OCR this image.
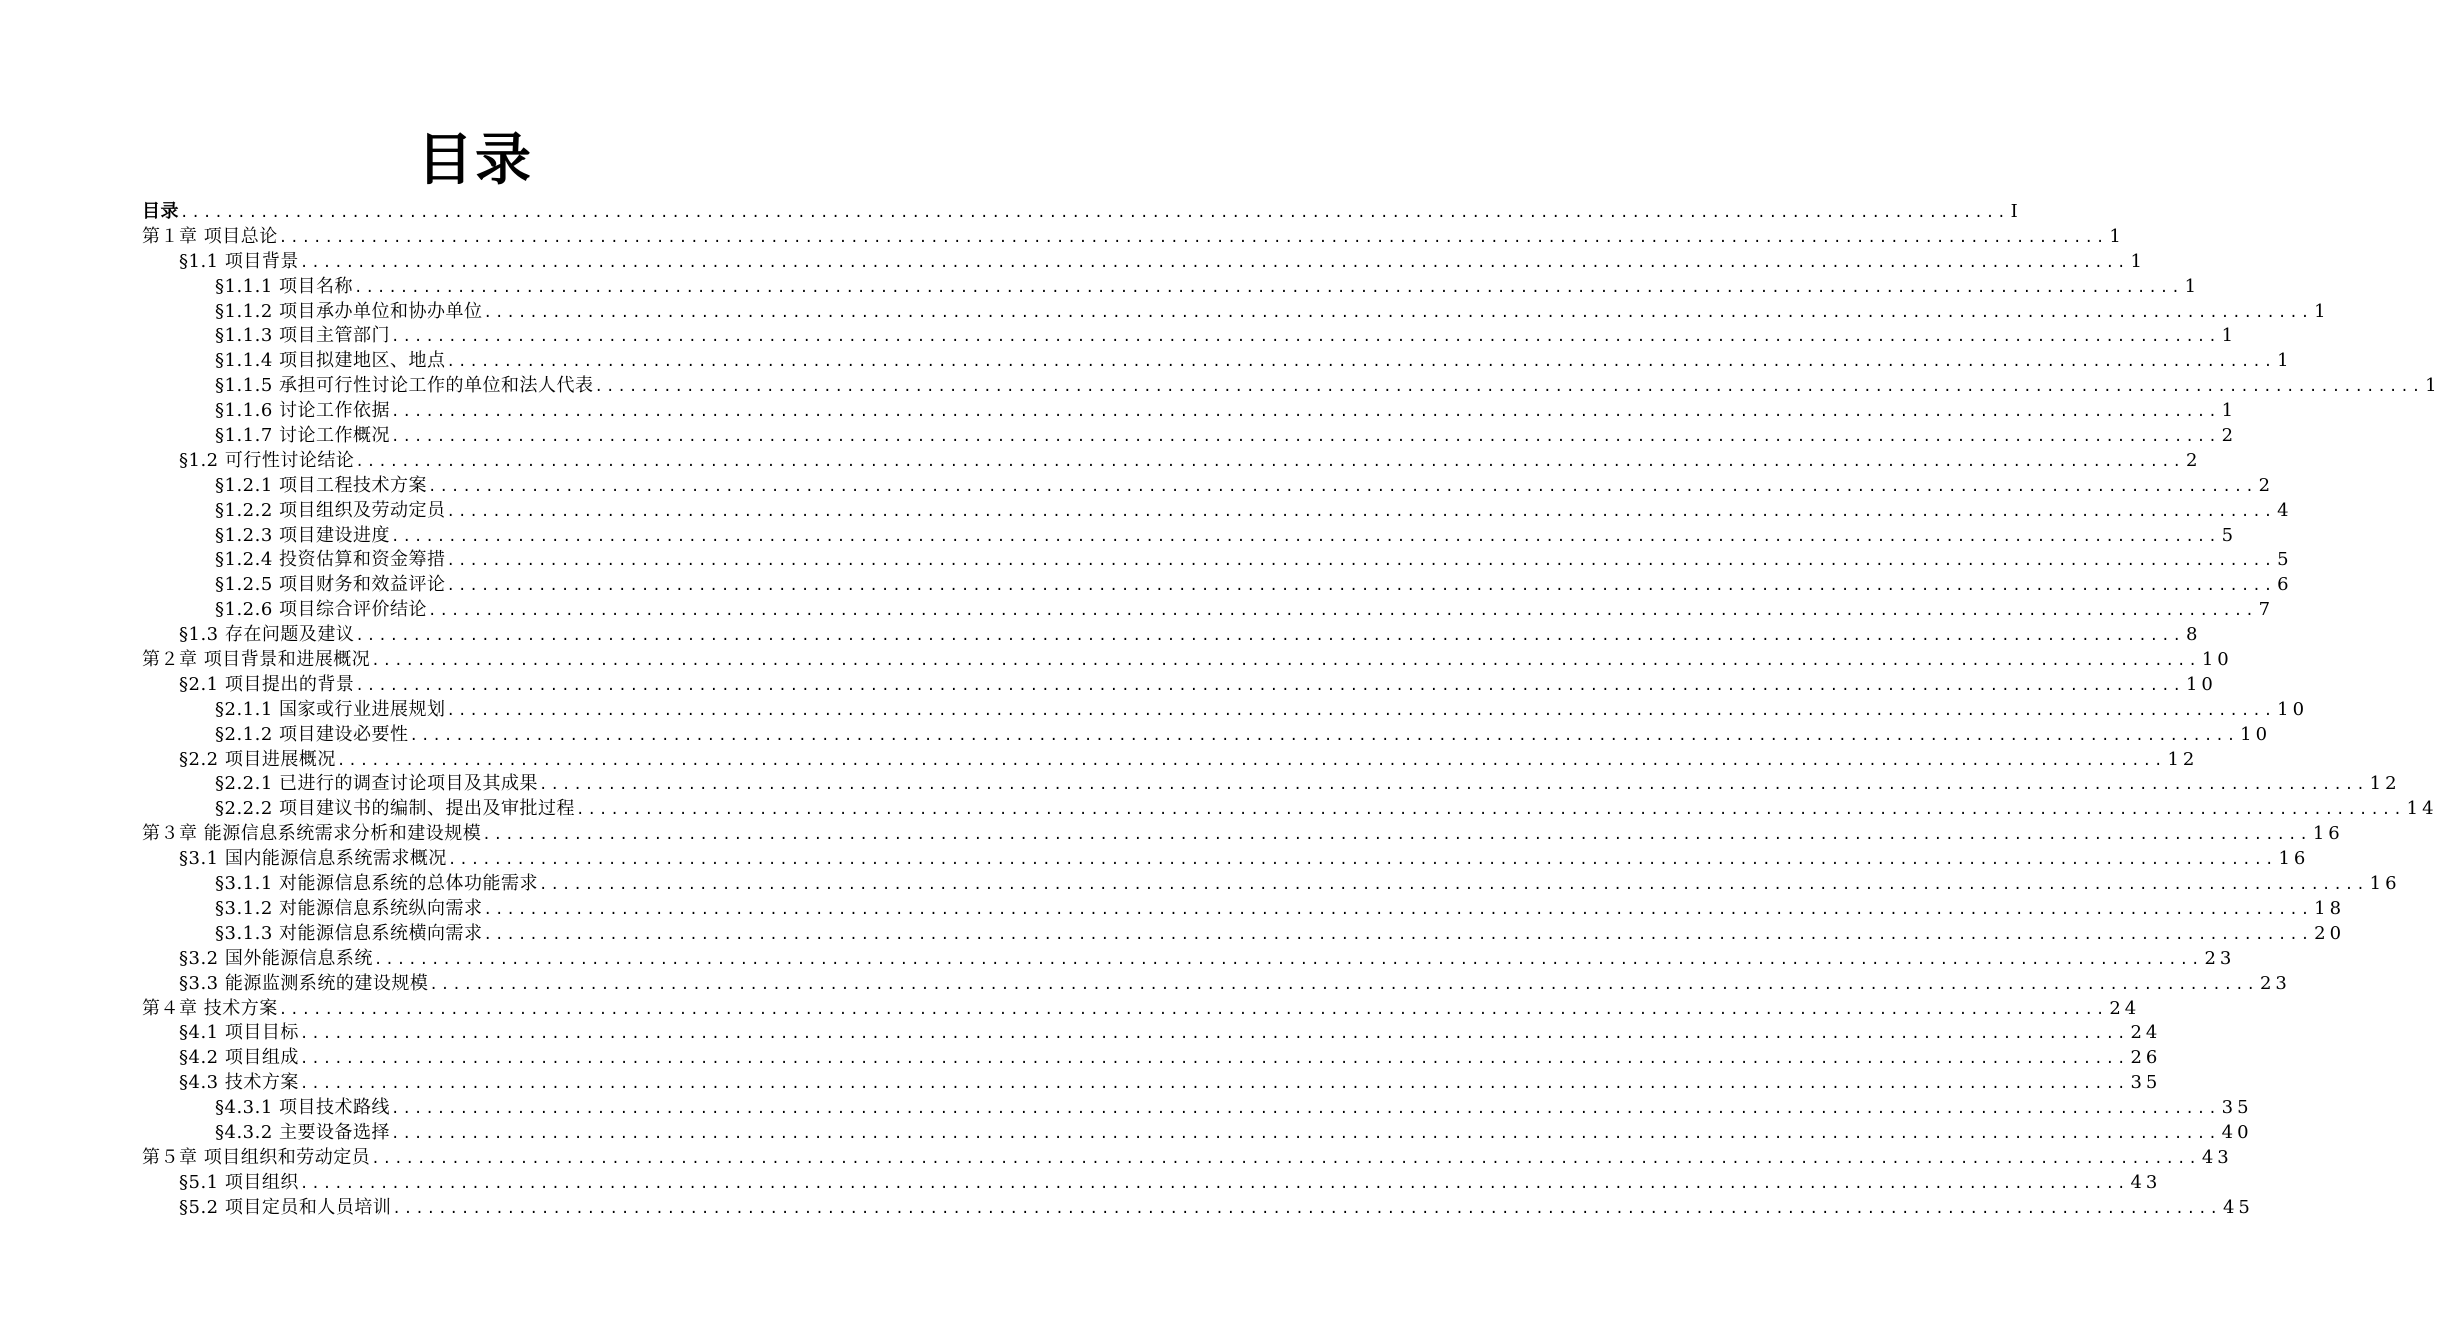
目录
目录 ................................................................................................................................................................ I
第１章 项目总论 ................................................................................................................................................................ 1
§1.1 项目背景 ................................................................................................................................................................ 1
§1.1.1 项目名称 ................................................................................................................................................................ 1
§1.1.2 项目承办单位和协办单位 ................................................................................................................................................................ 1
§1.1.3 项目主管部门 ................................................................................................................................................................ 1
§1.1.4 项目拟建地区、地点 ................................................................................................................................................................ 1
§1.1.5 承担可行性讨论工作的单位和法人代表 ................................................................................................................................................................ 1
§1.1.6 讨论工作依据 ................................................................................................................................................................ 1
§1.1.7 讨论工作概况 ................................................................................................................................................................ 2
§1.2 可行性讨论结论 ................................................................................................................................................................ 2
§1.2.1 项目工程技术方案 ................................................................................................................................................................ 2
§1.2.2 项目组织及劳动定员 ................................................................................................................................................................ 4
§1.2.3 项目建设进度 ................................................................................................................................................................ 5
§1.2.4 投资估算和资金筹措 ................................................................................................................................................................ 5
§1.2.5 项目财务和效益评论 ................................................................................................................................................................ 6
§1.2.6 项目综合评价结论 ................................................................................................................................................................ 7
§1.3 存在问题及建议 ................................................................................................................................................................ 8
第２章 项目背景和进展概况 ................................................................................................................................................................ 10
§2.1 项目提出的背景 ................................................................................................................................................................ 10
§2.1.1 国家或行业进展规划 ................................................................................................................................................................ 10
§2.1.2 项目建设必要性 ................................................................................................................................................................ 10
§2.2 项目进展概况 ................................................................................................................................................................ 12
§2.2.1 已进行的调查讨论项目及其成果 ................................................................................................................................................................ 12
§2.2.2 项目建议书的编制、提出及审批过程 ................................................................................................................................................................ 14
第３章 能源信息系统需求分析和建设规模 ................................................................................................................................................................ 16
§3.1 国内能源信息系统需求概况 ................................................................................................................................................................ 16
§3.1.1 对能源信息系统的总体功能需求 ................................................................................................................................................................ 16
§3.1.2 对能源信息系统纵向需求 ................................................................................................................................................................ 18
§3.1.3 对能源信息系统横向需求 ................................................................................................................................................................ 20
§3.2 国外能源信息系统 ................................................................................................................................................................ 23
§3.3 能源监测系统的建设规模 ................................................................................................................................................................ 23
第４章 技术方案 ................................................................................................................................................................ 24
§4.1 项目目标 ................................................................................................................................................................ 24
§4.2 项目组成 ................................................................................................................................................................ 26
§4.3 技术方案 ................................................................................................................................................................ 35
§4.3.1 项目技术路线 ................................................................................................................................................................ 35
§4.3.2 主要设备选择 ................................................................................................................................................................ 40
第５章 项目组织和劳动定员 ................................................................................................................................................................ 43
§5.1 项目组织 ................................................................................................................................................................ 43
§5.2 项目定员和人员培训 ................................................................................................................................................................ 45
